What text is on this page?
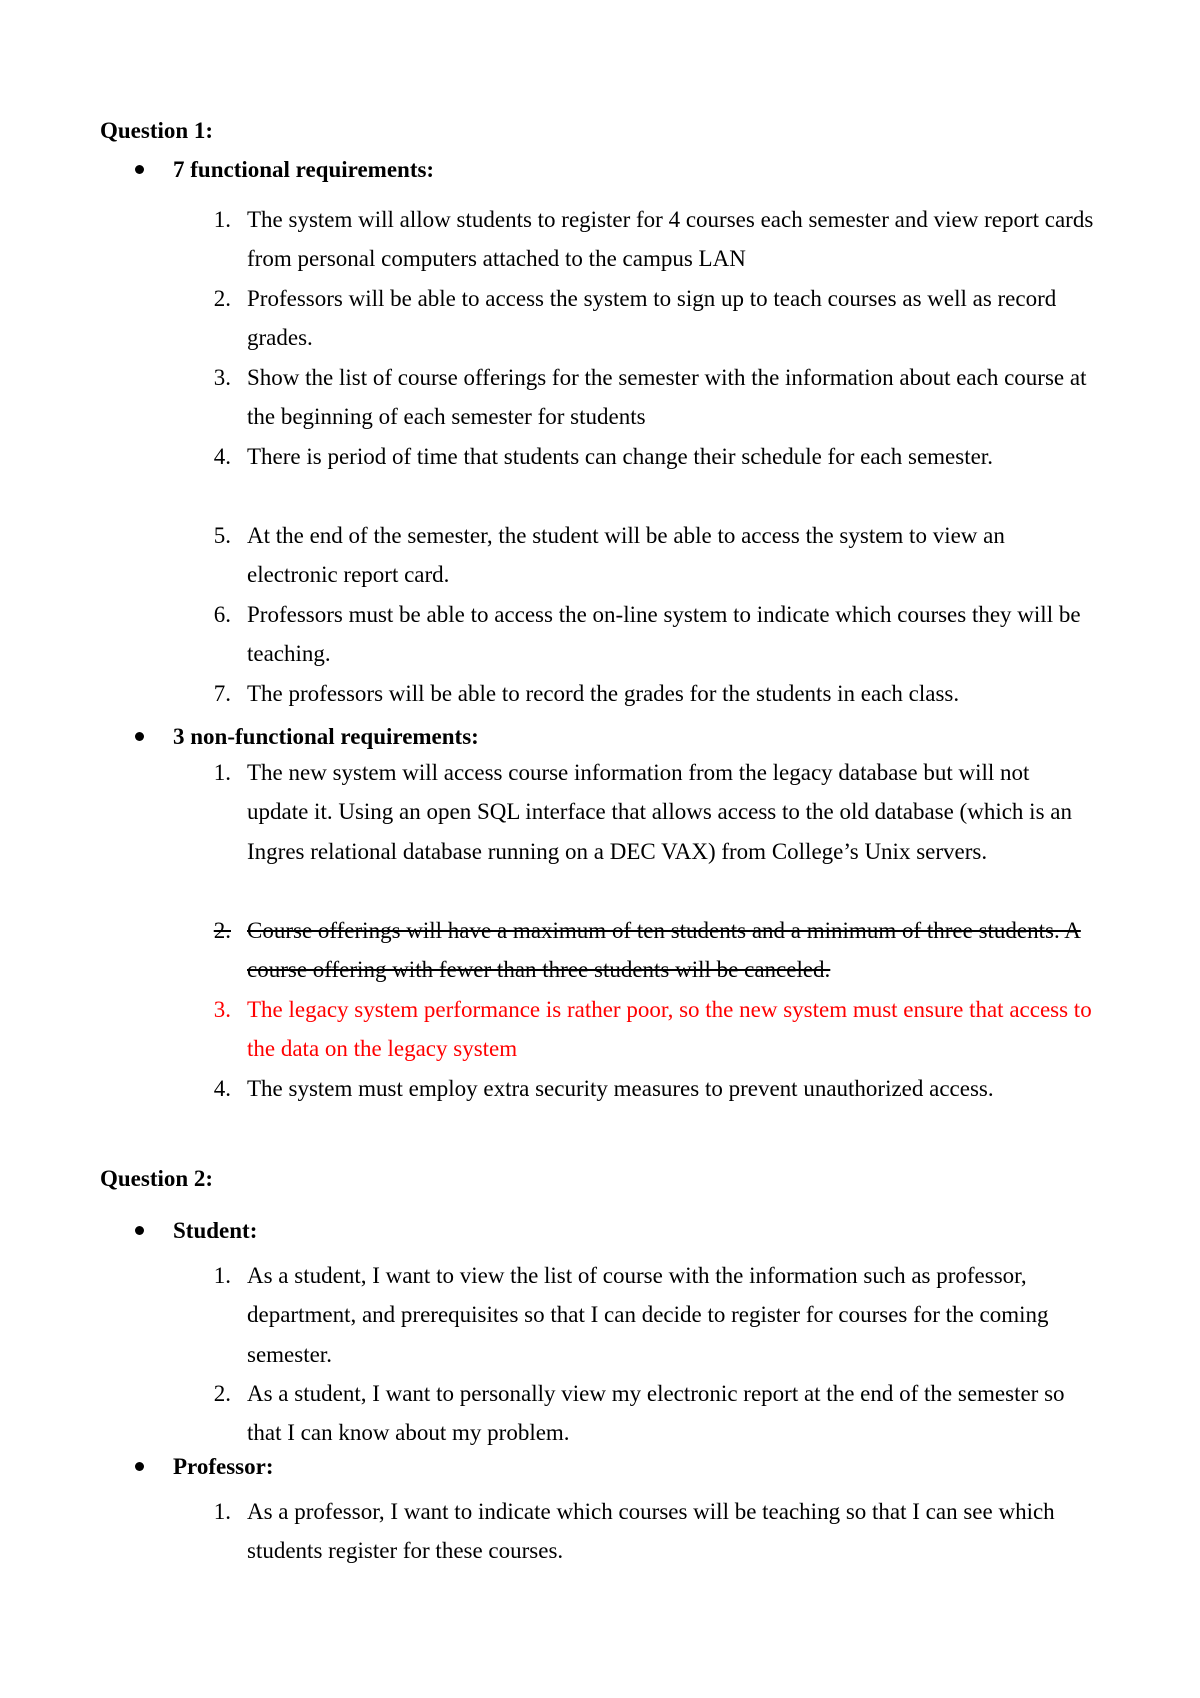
Question 1:
7 functional requirements:
1. The system will allow students to register for 4 courses each semester and view report cards from personal computers attached to the campus LAN
2. Professors will be able to access the system to sign up to teach courses as well as record grades.
3. Show the list of course offerings for the semester with the information about each course at the beginning of each semester for students
4. There is period of time that students can change their schedule for each semester.
5. At the end of the semester, the student will be able to access the system to view an electronic report card.
6. Professors must be able to access the on-line system to indicate which courses they will be teaching.
7. The professors will be able to record the grades for the students in each class.
3 non-functional requirements:
1. The new system will access course information from the legacy database but will not update it. Using an open SQL interface that allows access to the old database (which is an Ingres relational database running on a DEC VAX) from College’s Unix servers.
2. Course offerings will have a maximum of ten students and a minimum of three students. A course offering with fewer than three students will be canceled.
3. The legacy system performance is rather poor, so the new system must ensure that access to the data on the legacy system
4. The system must employ extra security measures to prevent unauthorized access.
Question 2:
Student:
1. As a student, I want to view the list of course with the information such as professor, department, and prerequisites so that I can decide to register for courses for the coming semester.
2. As a student, I want to personally view my electronic report at the end of the semester so that I can know about my problem.
Professor:
1. As a professor, I want to indicate which courses will be teaching so that I can see which students register for these courses.
